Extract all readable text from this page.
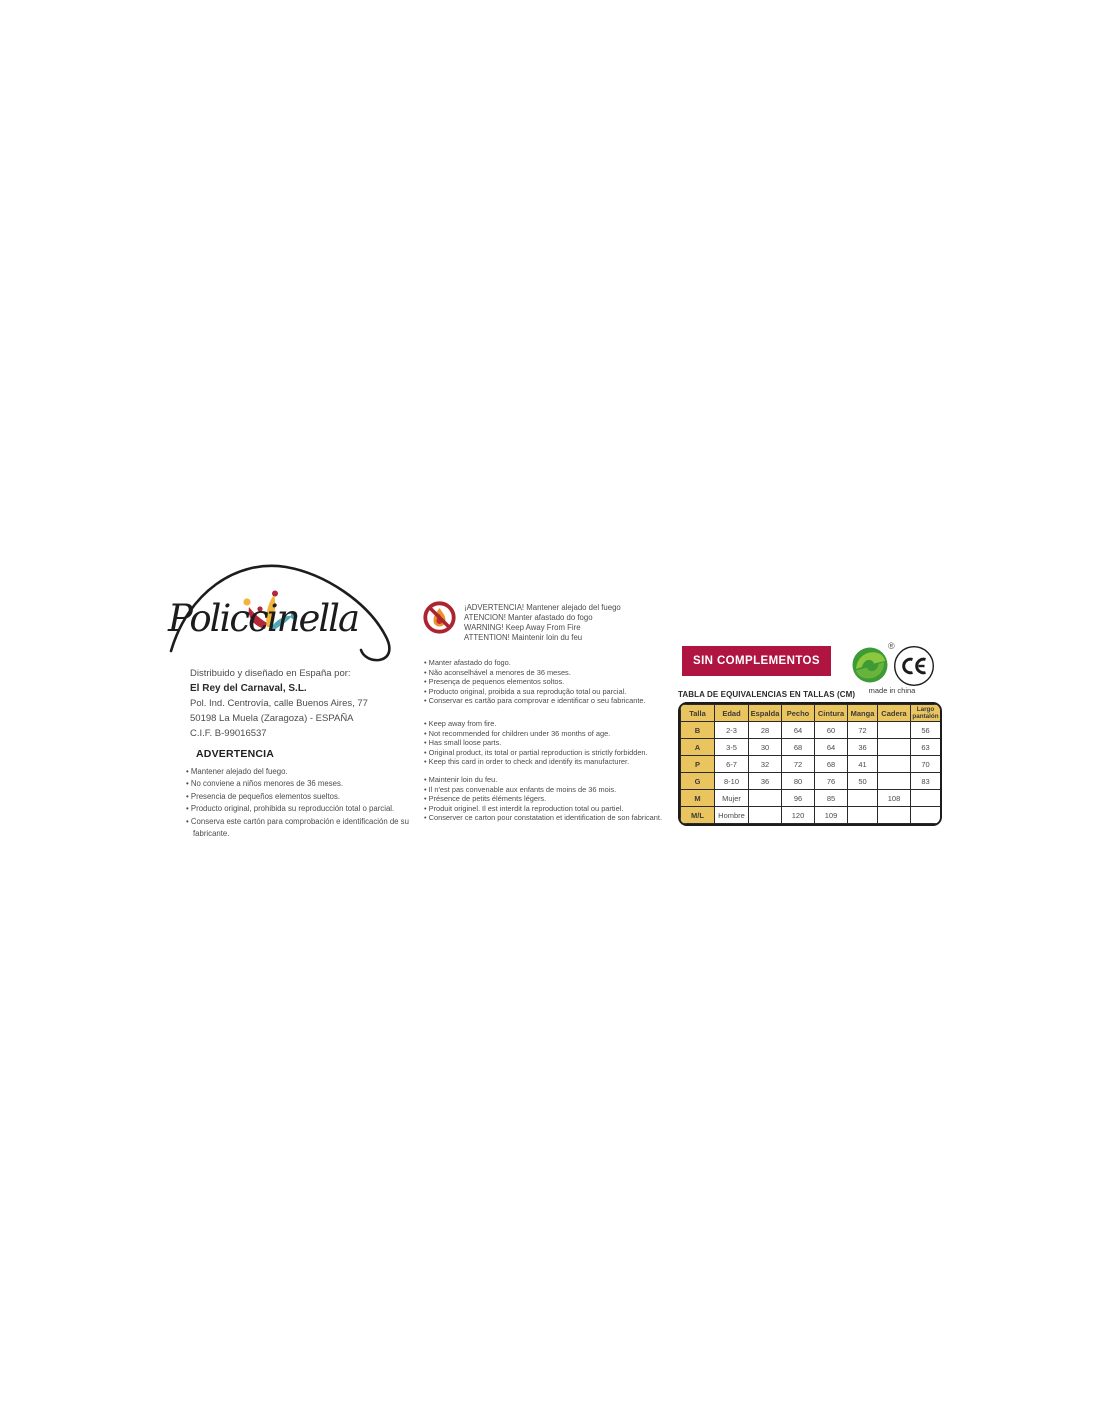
Policcinella
Distribuido y diseñado en España por:
El Rey del Carnaval, S.L.
Pol. Ind. Centrovía, calle Buenos Aires, 77
50198 La Muela (Zaragoza) - ESPAÑA
C.I.F. B-99016537
ADVERTENCIA
• Mantener alejado del fuego.
• No conviene a niños menores de 36 meses.
• Presencia de pequeños elementos sueltos.
• Producto original, prohibida su reproducción total o parcial.
• Conserva este cartón para comprobación e identificación de su fabricante.
¡ADVERTENCIA! Mantener alejado del fuego
ATENCION! Manter afastado do fogo
WARNING! Keep Away From Fire
ATTENTION! Maintenir loin du feu
• Manter afastado do fogo.
• Não aconselhável a menores de 36 meses.
• Presença de pequenos elementos soltos.
• Producto original, proibida a sua reprodução total ou parcial.
• Conservar es cartão para comprovar e identificar o seu fabricante.
• Keep away from fire.
• Not recommended for children under 36 months of age.
• Has small loose parts.
• Original product, its total or partial reproduction is strictly forbidden.
• Keep this card in order to check and identify its manufacturer.
• Maintenir loin du feu.
• Il n'est pas convenable aux enfants de moins de 36 mois.
• Présence de petits éléments légers.
• Produit originel. Il est interdit la reproduction total ou partiel.
• Conserver ce carton pour constatation et identification de son fabricant.
SIN COMPLEMENTOS
®
made in china
TABLA DE EQUIVALENCIAS EN TALLAS (CM)
Talla	Edad	Espalda	Pecho	Cintura	Manga	Cadera	Largo pantalón
B	2-3	28	64	60	72		56
A	3-5	30	68	64	36		63
P	6-7	32	72	68	41		70
G	8-10	36	80	76	50		83
M	Mujer		96	85		108	
M/L	Hombre		120	109			
